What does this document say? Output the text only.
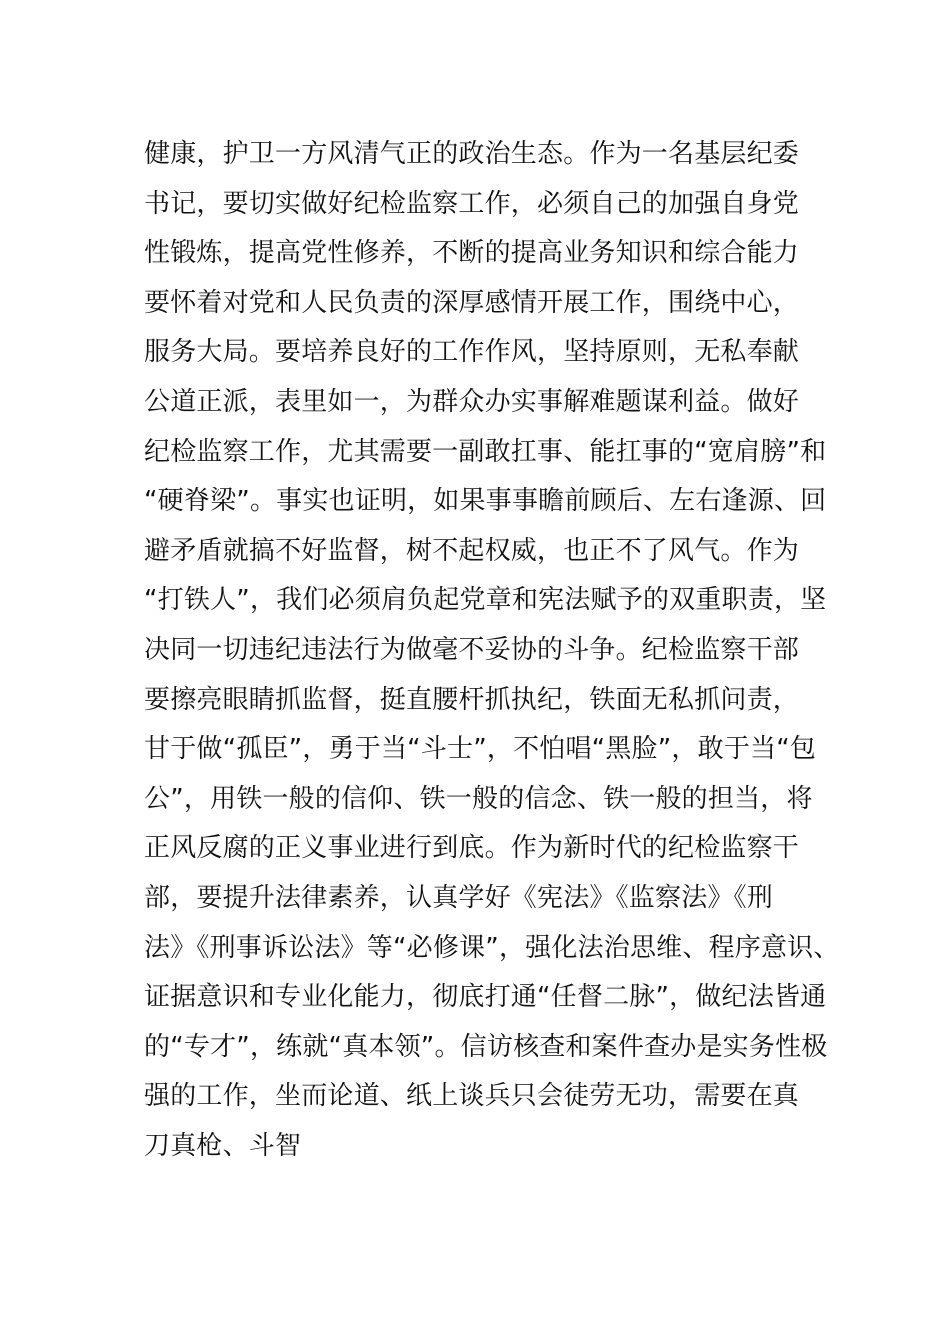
健康，护卫一方风清气正的政治生态。作为一名基层纪委
书记，要切实做好纪检监察工作，必须自己的加强自身党
性锻炼，提高党性修养，不断的提高业务知识和综合能力
要怀着对党和人民负责的深厚感情开展工作，围绕中心，
服务大局。要培养良好的工作作风，坚持原则，无私奉献
公道正派，表里如一，为群众办实事解难题谋利益。做好
纪检监察工作，尤其需要一副敢扛事、能扛事的“宽肩膀”和
“硬脊梁”。事实也证明，如果事事瞻前顾后、左右逢源、回
避矛盾就搞不好监督，树不起权威，也正不了风气。作为
“打铁人”，我们必须肩负起党章和宪法赋予的双重职责，坚
决同一切违纪违法行为做毫不妥协的斗争。纪检监察干部
要擦亮眼睛抓监督，挺直腰杆抓执纪，铁面无私抓问责，
甘于做“孤臣”，勇于当“斗士”，不怕唱“黑脸”，敢于当“包
公”，用铁一般的信仰、铁一般的信念、铁一般的担当，将
正风反腐的正义事业进行到底。作为新时代的纪检监察干
部，要提升法律素养，认真学好《宪法》《监察法》《刑
法》《刑事诉讼法》等“必修课”，强化法治思维、程序意识、
证据意识和专业化能力，彻底打通“任督二脉”，做纪法皆通
的“专才”，练就“真本领”。信访核查和案件查办是实务性极
强的工作，坐而论道、纸上谈兵只会徒劳无功，需要在真
刀真枪、斗智
